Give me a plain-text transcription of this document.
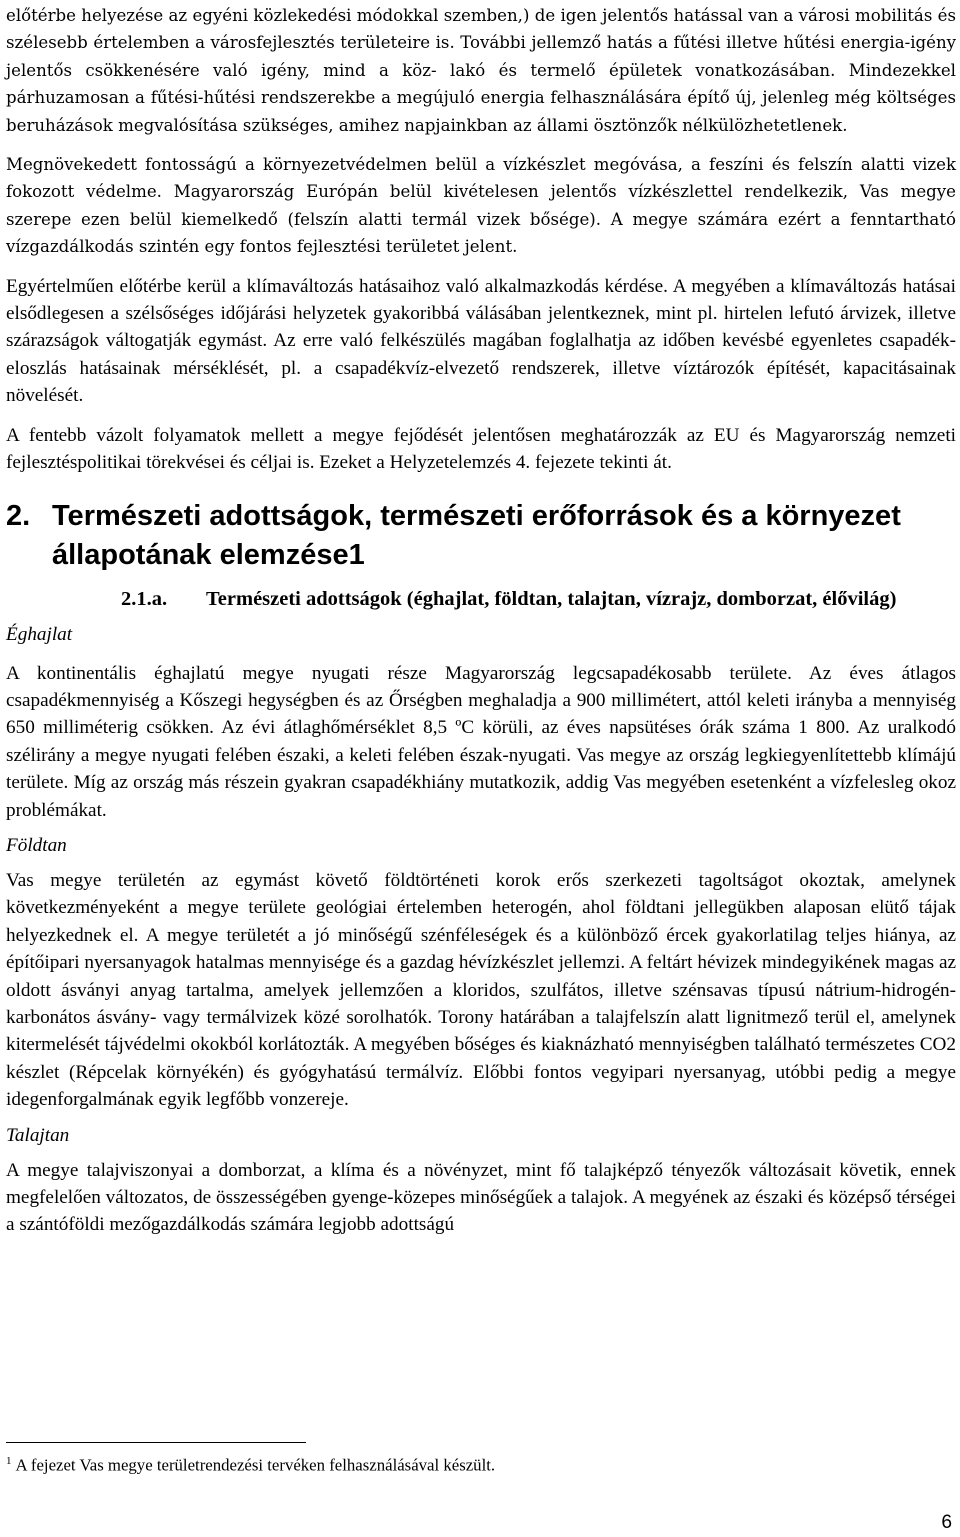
előtérbe helyezése az egyéni közlekedési módokkal szemben,) de igen jelentős hatással van a városi mobilitás és szélesebb értelemben a városfejlesztés területeire is. További jellemző hatás a fűtési illetve hűtési energia-igény jelentős csökkenésére való igény, mind a köz- lakó és termelő épületek vonatkozásában. Mindezekkel párhuzamosan a fűtési-hűtési rendszerekbe a megújuló energia felhasználására építő új, jelenleg még költséges beruházások megvalósítása szükséges, amihez napjainkban az állami ösztönzők nélkülözhetetlenek.

Megnövekedett fontosságú a környezetvédelmen belül a vízkészlet megóvása, a feszíni és felszín alatti vizek fokozott védelme. Magyarország Európán belül kivételesen jelentős vízkészlettel rendelkezik, Vas megye szerepe ezen belül kiemelkedő (felszín alatti termál vizek bősége). A megye számára ezért a fenntartható vízgazdálkodás szintén egy fontos fejlesztési területet jelent.

Egyértelműen előtérbe kerül a klímaváltozás hatásaihoz való alkalmazkodás kérdése. A megyében a klímaváltozás hatásai elsődlegesen a szélsőséges időjárási helyzetek gyakoribbá válásában jelentkeznek, mint pl. hirtelen lefutó árvizek, illetve szárazságok váltogatják egymást. Az erre való felkészülés magában foglalhatja az időben kevésbé egyenletes csapadék-eloszlás hatásainak mérséklését, pl. a csapadékvíz-elvezető rendszerek, illetve víztározók építését, kapacitásainak növelését.

A fentebb vázolt folyamatok mellett a megye fejődését jelentősen meghatározzák az EU és Magyarország nemzeti fejlesztéspolitikai törekvései és céljai is. Ezeket a Helyzetelemzés 4. fejezete tekinti át.

2. Természeti adottságok, természeti erőforrások és a környezet állapotának elemzése1
2.1.a.	Természeti adottságok (éghajlat, földtan, talajtan, vízrajz, domborzat, élővilág)
Éghajlat

A kontinentális éghajlatú megye nyugati része Magyarország legcsapadékosabb területe. Az éves átlagos csapadékmennyiség a Kőszegi hegységben és az Őrségben meghaladja a 900 millimétert, attól keleti irányba a mennyiség 650 milliméterig csökken. Az évi átlaghőmérséklet 8,5 ºC körüli, az éves napsütéses órák száma 1 800. Az uralkodó szélirány a megye nyugati felében északi, a keleti felében észak-nyugati. Vas megye az ország legkiegyenlítettebb klímájú területe. Míg az ország más részein gyakran csapadékhiány mutatkozik, addig Vas megyében esetenként a vízfelesleg okoz problémákat.

Földtan

Vas megye területén az egymást követő földtörténeti korok erős szerkezeti tagoltságot okoztak, amelynek következményeként a megye területe geológiai értelemben heterogén, ahol földtani jellegükben alaposan elütő tájak helyezkednek el. A megye területét a jó minőségű szénféleségek és a különböző ércek gyakorlatilag teljes hiánya, az építőipari nyersanyagok hatalmas mennyisége és a gazdag hévízkészlet jellemzi. A feltárt hévizek mindegyikének magas az oldott ásványi anyag tartalma, amelyek jellemzően a kloridos, szulfátos, illetve szénsavas típusú nátrium-hidrogén-karbonátos ásvány- vagy termálvizek közé sorolhatók. Torony határában a talajfelszín alatt lignitmező terül el, amelynek kitermelését tájvédelmi okokból korlátozták. A megyében bőséges és kiaknázható mennyiségben található természetes CO2 készlet (Répcelak környékén) és gyógyhatású termálvíz. Előbbi fontos vegyipari nyersanyag, utóbbi pedig a megye idegenforgalmának egyik legfőbb vonzereje.

Talajtan

A megye talajviszonyai a domborzat, a klíma és a növényzet, mint fő talajképző tényezők változásait követik, ennek megfelelően változatos, de összességében gyenge-közepes minőségűek a talajok. A megyének az északi és középső térségei a szántóföldi mezőgazdálkodás számára legjobb adottságú

$^1$ A fejezet Vas megye területrendezési tervéken felhasználásával készült.
6
